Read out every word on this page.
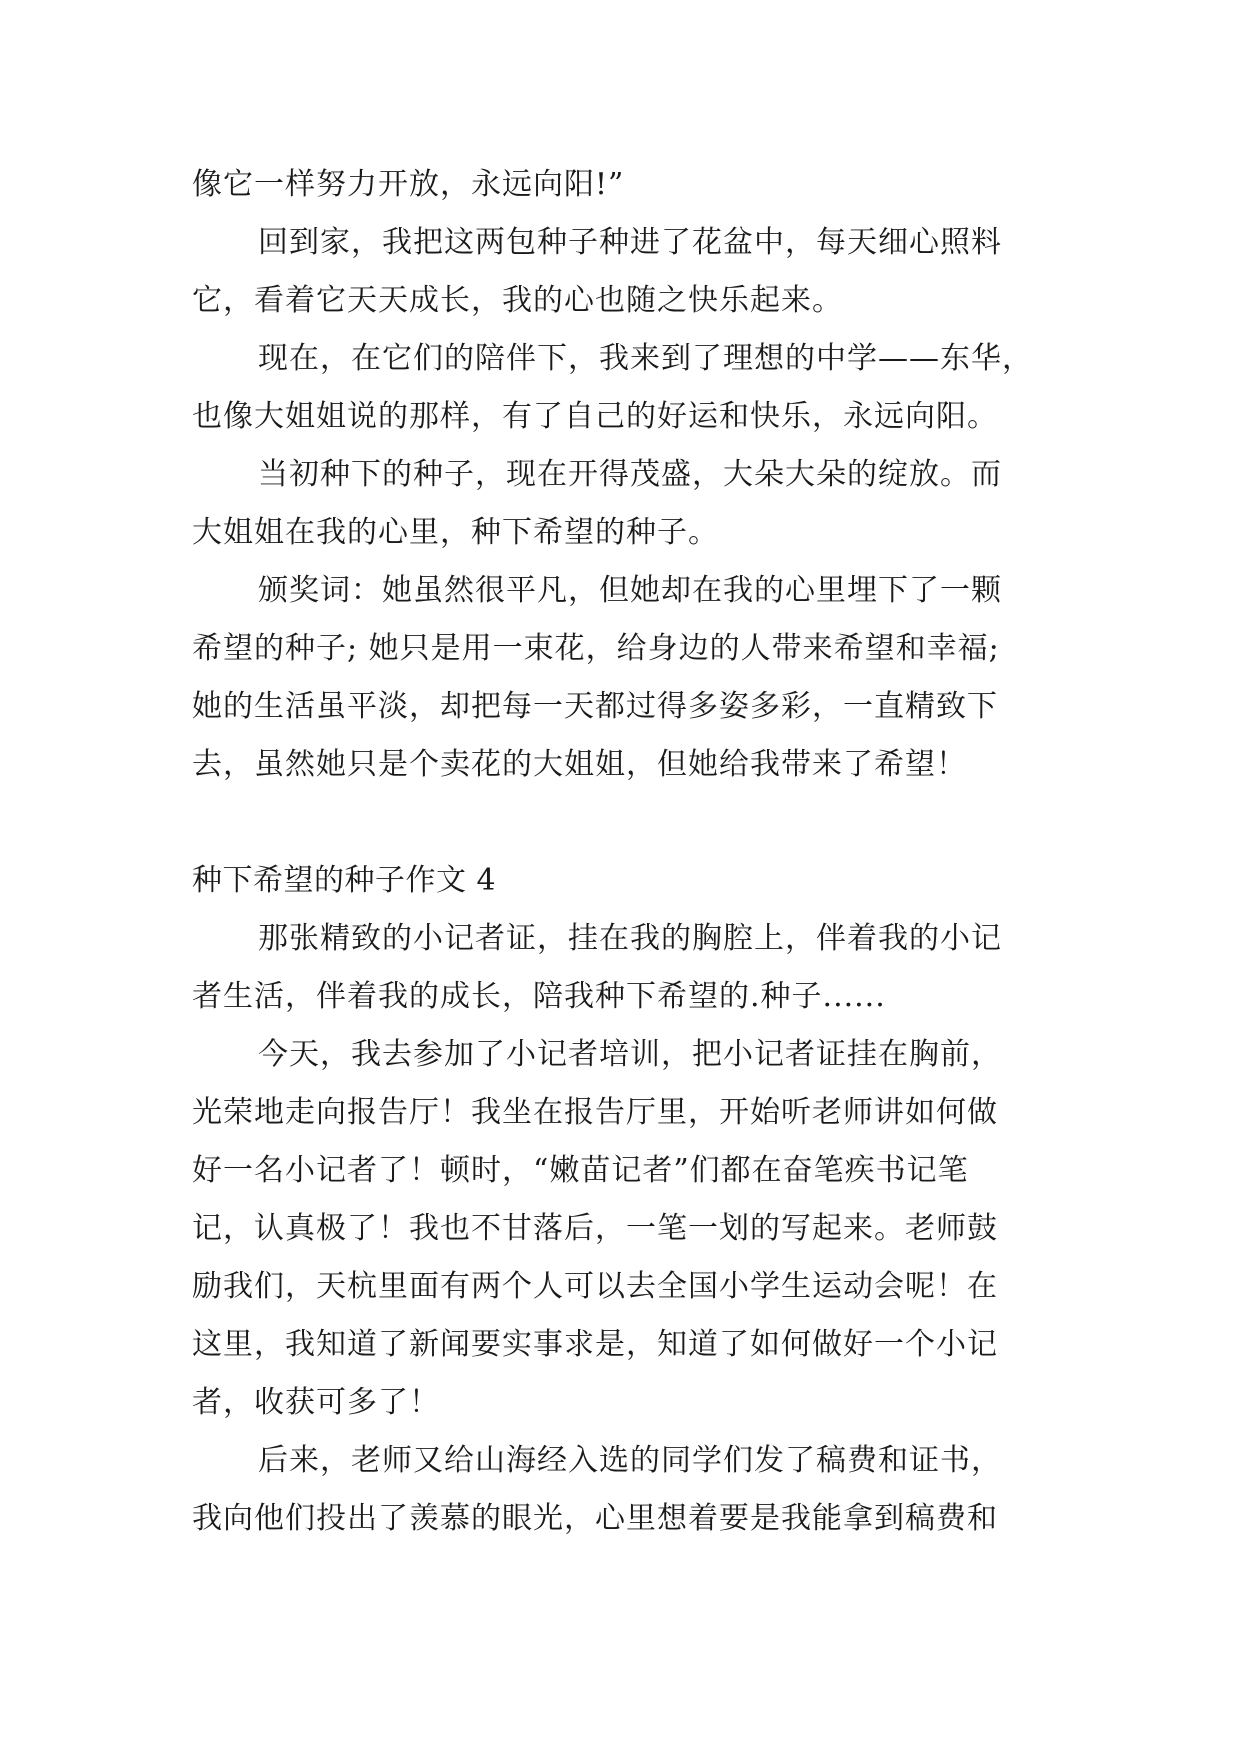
像它一样努力开放，永远向阳!”
回到家，我把这两包种子种进了花盆中，每天细心照料
它，看着它天天成长，我的心也随之快乐起来。
现在，在它们的陪伴下，我来到了理想的中学——东华，
也像大姐姐说的那样，有了自己的好运和快乐，永远向阳。
当初种下的种子，现在开得茂盛，大朵大朵的绽放。而
大姐姐在我的心里，种下希望的种子。
颁奖词：她虽然很平凡，但她却在我的心里埋下了一颗
希望的种子; 她只是用一束花，给身边的人带来希望和幸福;
她的生活虽平淡，却把每一天都过得多姿多彩，一直精致下
去，虽然她只是个卖花的大姐姐，但她给我带来了希望！
种下希望的种子作文 4
那张精致的小记者证，挂在我的胸腔上，伴着我的小记
者生活，伴着我的成长，陪我种下希望的.种子......
今天，我去参加了小记者培训，把小记者证挂在胸前，
光荣地走向报告厅！我坐在报告厅里，开始听老师讲如何做
好一名小记者了！顿时，“嫩苗记者”们都在奋笔疾书记笔
记，认真极了！我也不甘落后，一笔一划的写起来。老师鼓
励我们，天杭里面有两个人可以去全国小学生运动会呢！在
这里，我知道了新闻要实事求是，知道了如何做好一个小记
者，收获可多了！
后来，老师又给山海经入选的同学们发了稿费和证书，
我向他们投出了羡慕的眼光，心里想着要是我能拿到稿费和
